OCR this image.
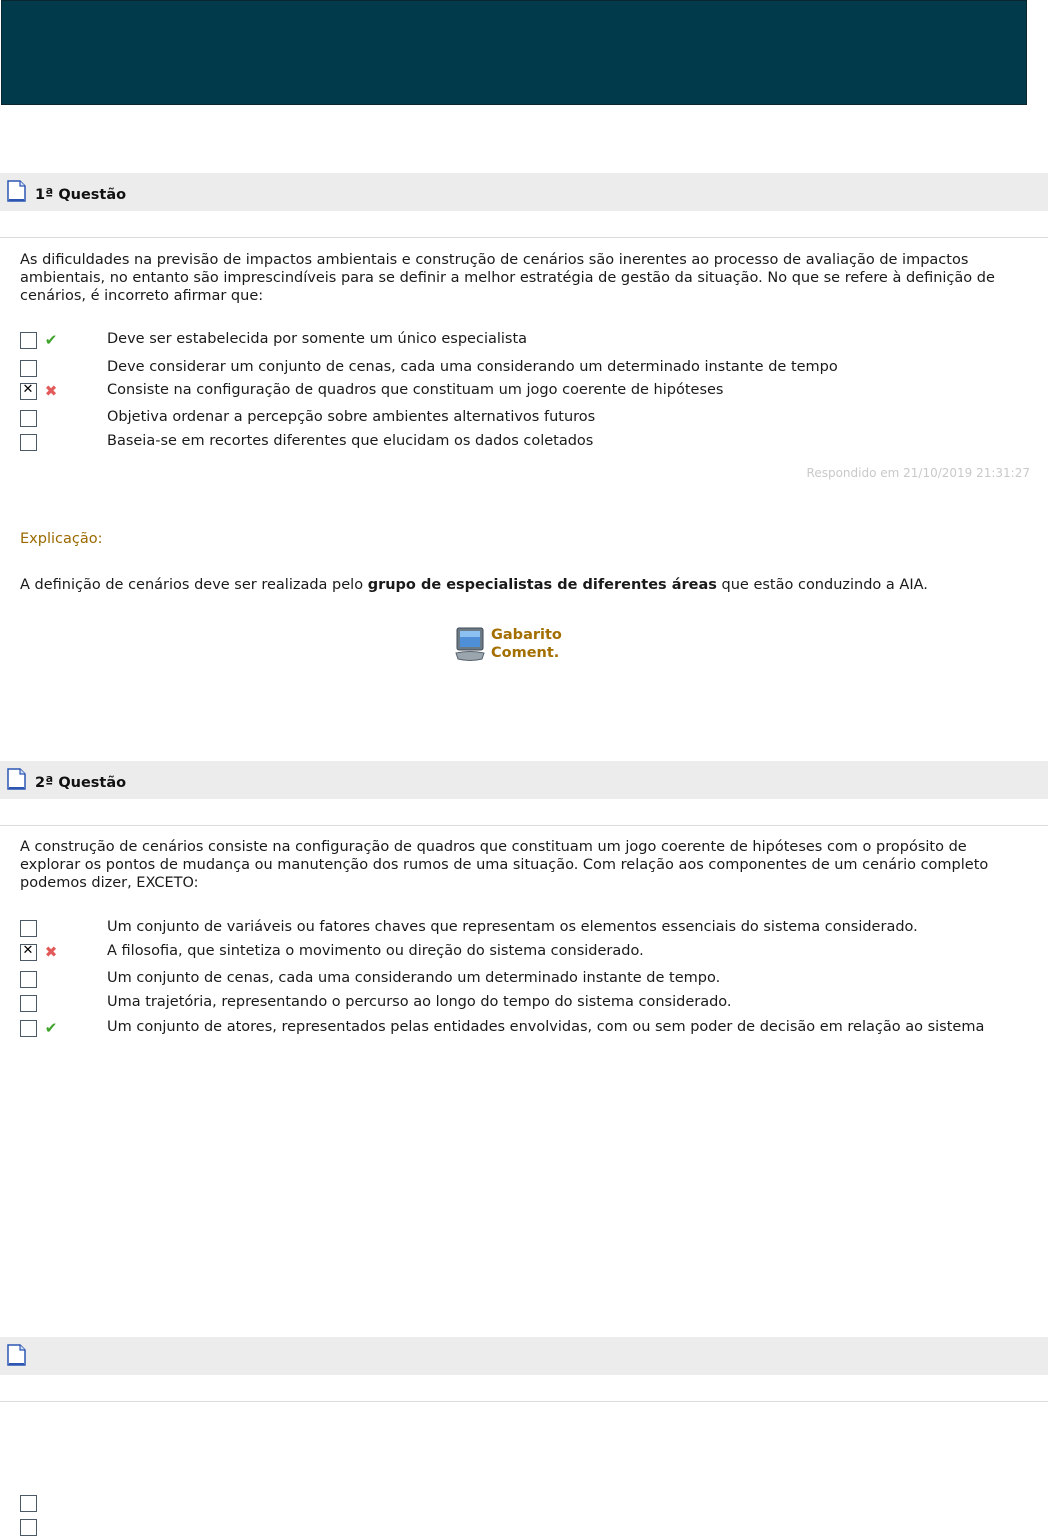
1ª Questão
As dificuldades na previsão de impactos ambientais e construção de cenários são inerentes ao processo de avaliação de impactos ambientais, no entanto são imprescindíveis para se definir a melhor estratégia de gestão da situação. No que se refere à definição de cenários, é incorreto afirmar que:
✔	Deve ser estabelecida por somente um único especialista
Deve considerar um conjunto de cenas, cada uma considerando um determinado instante de tempo
✕
✖	Consiste na configuração de quadros que constituam um jogo coerente de hipóteses
Objetiva ordenar a percepção sobre ambientes alternativos futuros
Baseia-se em recortes diferentes que elucidam os dados coletados
Respondido em 21/10/2019 21:31:27
Explicação:
A definição de cenários deve ser realizada pelo grupo de especialistas de diferentes áreas que estão conduzindo a AIA.
Gabarito
Coment.
2ª Questão
A construção de cenários consiste na configuração de quadros que constituam um jogo coerente de hipóteses com o propósito de explorar os pontos de mudança ou manutenção dos rumos de uma situação. Com relação aos componentes de um cenário completo podemos dizer, EXCETO:
Um conjunto de variáveis ou fatores chaves que representam os elementos essenciais do sistema considerado.
✕
✖	A filosofia, que sintetiza o movimento ou direção do sistema considerado.
Um conjunto de cenas, cada uma considerando um determinado instante de tempo.
Uma trajetória, representando o percurso ao longo do tempo do sistema considerado.
✔	Um conjunto de atores, representados pelas entidades envolvidas, com ou sem poder de decisão em relação ao sistema
